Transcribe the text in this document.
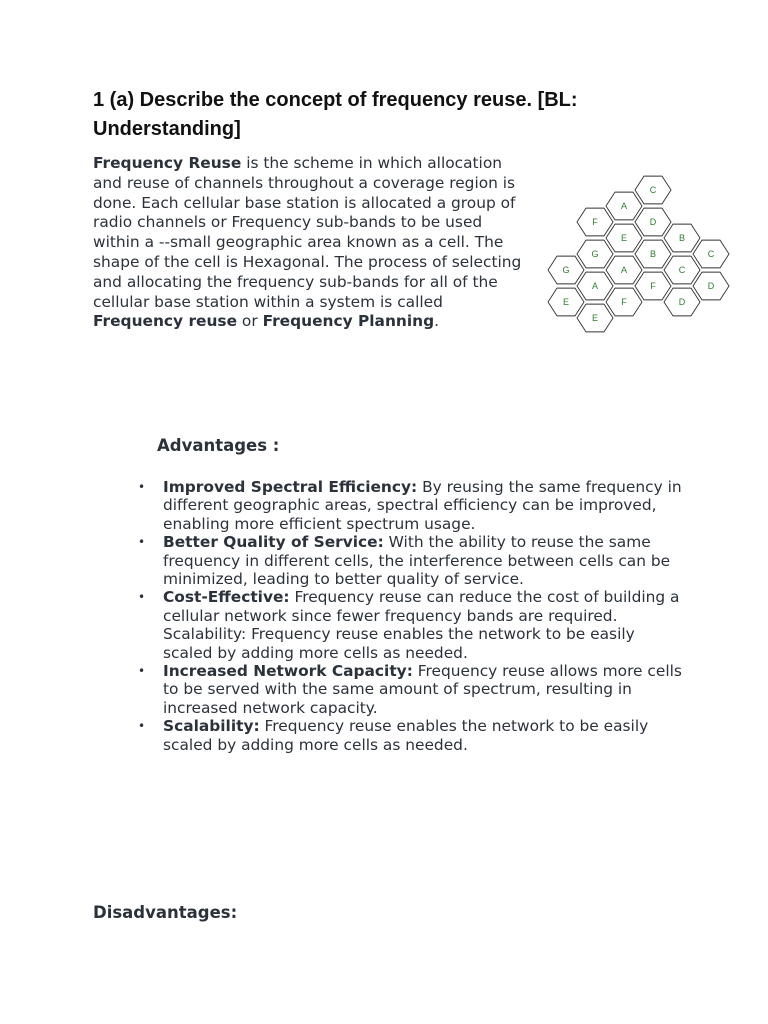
1 (a) Describe the concept of frequency reuse. [BL: Understanding]

Frequency Reuse is the scheme in which allocation and reuse of channels throughout a coverage region is done. Each cellular base station is allocated a group of radio channels or Frequency sub-bands to be used within a --small geographic area known as a cell. The shape of the cell is Hexagonal. The process of selecting and allocating the frequency sub-bands for all of the cellular base station within a system is called Frequency reuse or Frequency Planning.

C
A
F	D
E	B
G	B	C
G	A	C
A	F	D
E	F	D
E
Advantages :
• Improved Spectral Efficiency: By reusing the same frequency in different geographic areas, spectral efficiency can be improved, enabling more efficient spectrum usage.
• Better Quality of Service: With the ability to reuse the same frequency in different cells, the interference between cells can be minimized, leading to better quality of service.
• Cost-Effective: Frequency reuse can reduce the cost of building a cellular network since fewer frequency bands are required.
Scalability: Frequency reuse enables the network to be easily scaled by adding more cells as needed.
• Increased Network Capacity: Frequency reuse allows more cells to be served with the same amount of spectrum, resulting in increased network capacity.
• Scalability: Frequency reuse enables the network to be easily scaled by adding more cells as needed.
Disadvantages:
